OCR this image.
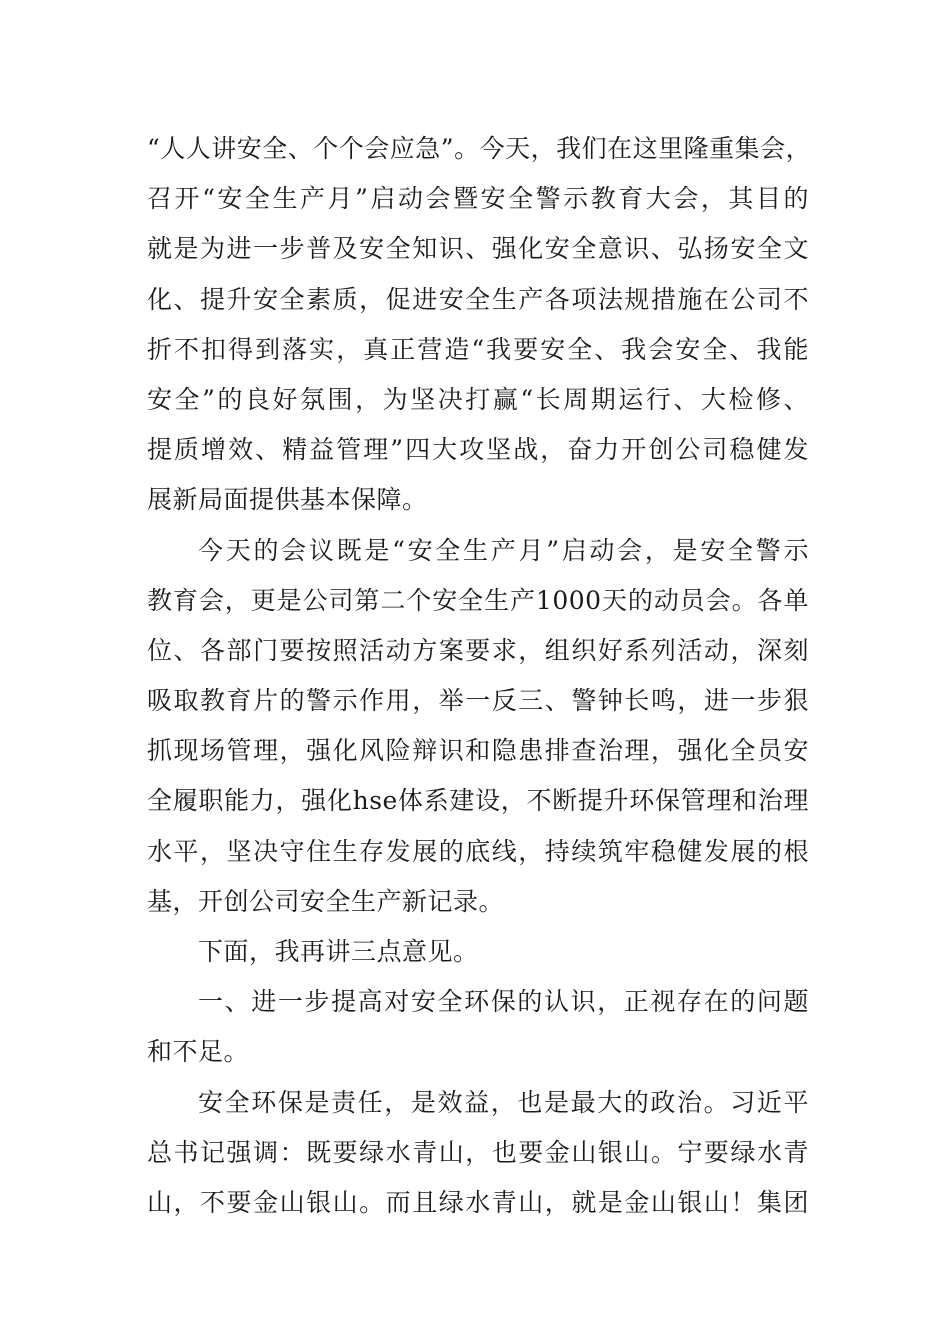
“人人讲安全、个个会应急”。今天，我们在这里隆重集会，
召开“安全生产月”启动会暨安全警示教育大会，其目的
就是为进一步普及安全知识、强化安全意识、弘扬安全文
化、提升安全素质，促进安全生产各项法规措施在公司不
折不扣得到落实，真正营造“我要安全、我会安全、我能
安全”的良好氛围，为坚决打赢“长周期运行、大检修、
提质增效、精益管理”四大攻坚战，奋力开创公司稳健发
展新局面提供基本保障。
今天的会议既是“安全生产月”启动会，是安全警示
教育会，更是公司第二个安全生产1000天的动员会。各单
位、各部门要按照活动方案要求，组织好系列活动，深刻
吸取教育片的警示作用，举一反三、警钟长鸣，进一步狠
抓现场管理，强化风险辩识和隐患排查治理，强化全员安
全履职能力，强化hse体系建设，不断提升环保管理和治理
水平，坚决守住生存发展的底线，持续筑牢稳健发展的根
基，开创公司安全生产新记录。
下面，我再讲三点意见。
一、进一步提高对安全环保的认识，正视存在的问题
和不足。
安全环保是责任，是效益，也是最大的政治。习近平
总书记强调：既要绿水青山，也要金山银山。宁要绿水青
山，不要金山银山。而且绿水青山，就是金山银山！集团
